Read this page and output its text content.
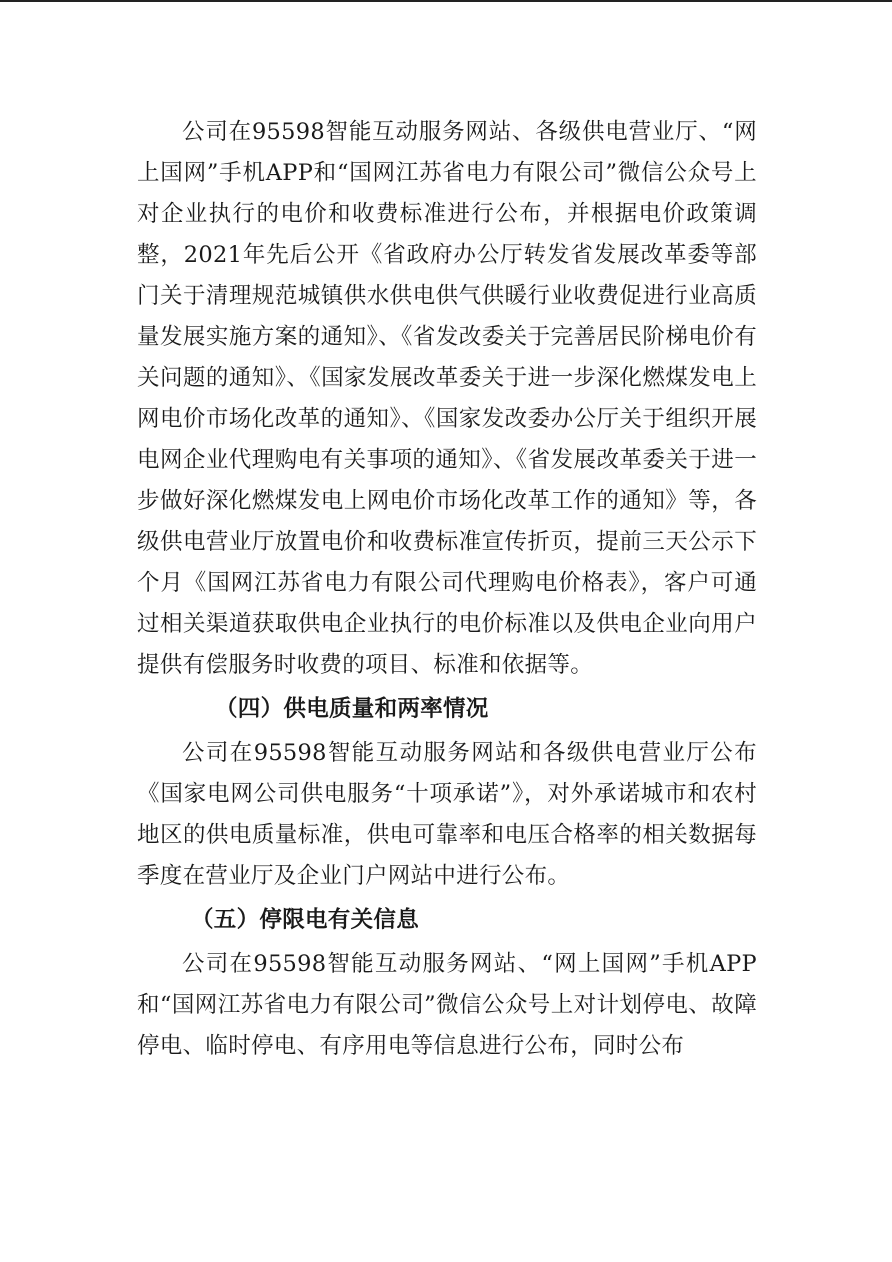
公司在95598智能互动服务网站、各级供电营业厅、“网上国网”手机APP和“国网江苏省电力有限公司”微信公众号上对企业执行的电价和收费标准进行公布，并根据电价政策调整，2021年先后公开《省政府办公厅转发省发展改革委等部门关于清理规范城镇供水供电供气供暖行业收费促进行业高质量发展实施方案的通知》、《省发改委关于完善居民阶梯电价有关问题的通知》、《国家发展改革委关于进一步深化燃煤发电上网电价市场化改革的通知》、《国家发改委办公厅关于组织开展电网企业代理购电有关事项的通知》、《省发展改革委关于进一步做好深化燃煤发电上网电价市场化改革工作的通知》等，各级供电营业厅放置电价和收费标准宣传折页，提前三天公示下个月《国网江苏省电力有限公司代理购电价格表》，客户可通过相关渠道获取供电企业执行的电价标准以及供电企业向用户提供有偿服务时收费的项目、标准和依据等。

（四）供电质量和两率情况

公司在95598智能互动服务网站和各级供电营业厅公布《国家电网公司供电服务“十项承诺”》，对外承诺城市和农村地区的供电质量标准，供电可靠率和电压合格率的相关数据每季度在营业厅及企业门户网站中进行公布。

（五）停限电有关信息

公司在95598智能互动服务网站、“网上国网”手机APP和“国网江苏省电力有限公司”微信公众号上对计划停电、故障停电、临时停电、有序用电等信息进行公布，同时公布
